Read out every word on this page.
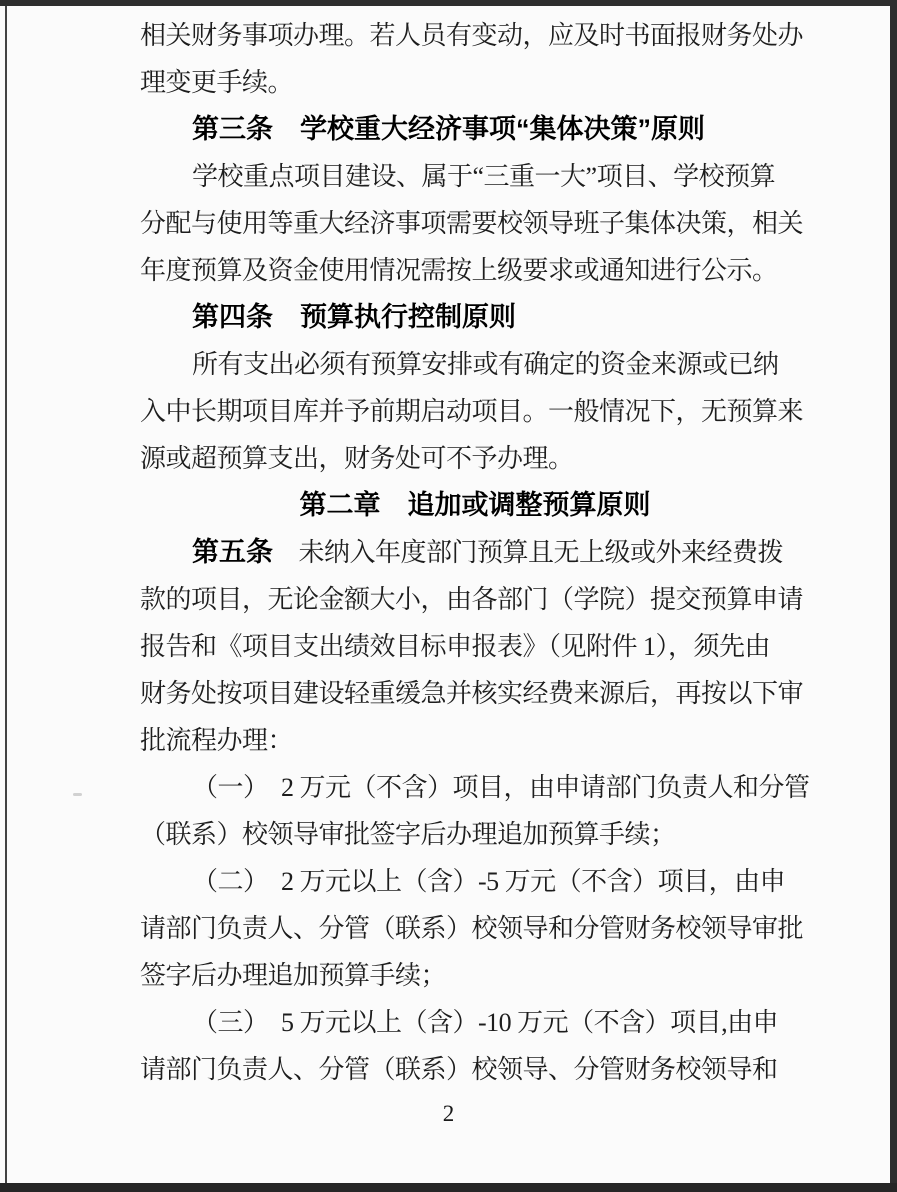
相关财务事项办理。若人员有变动，应及时书面报财务处办
理变更手续。
第三条　学校重大经济事项“集体决策”原则
学校重点项目建设、属于“三重一大”项目、学校预算
分配与使用等重大经济事项需要校领导班子集体决策，相关
年度预算及资金使用情况需按上级要求或通知进行公示。
第四条　预算执行控制原则
所有支出必须有预算安排或有确定的资金来源或已纳
入中长期项目库并予前期启动项目。一般情况下，无预算来
源或超预算支出，财务处可不予办理。
第二章　追加或调整预算原则
第五条　未纳入年度部门预算且无上级或外来经费拨
款的项目，无论金额大小，由各部门（学院）提交预算申请
报告和《项目支出绩效目标申报表》（见附件 1），须先由
财务处按项目建设轻重缓急并核实经费来源后，再按以下审
批流程办理：
（一）　2 万元（不含）项目，由申请部门负责人和分管
（联系）校领导审批签字后办理追加预算手续；
（二）　2 万元以上（含）-5 万元（不含）项目，由申
请部门负责人、分管（联系）校领导和分管财务校领导审批
签字后办理追加预算手续；
（三）　5 万元以上（含）-10 万元（不含）项目,由申
请部门负责人、分管（联系）校领导、分管财务校领导和
2
